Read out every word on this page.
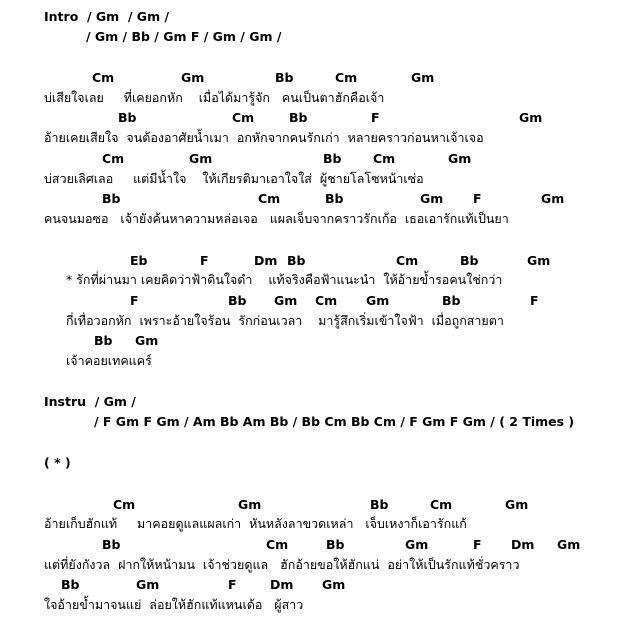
Intro  / Gm  / Gm /
/ Gm / Bb / Gm F / Gm / Gm /
Cm	Gm	Bb	Cm	Gm
บ่เสียใจเลย     ที่เคยอกหัก    เมื่อได้มารู้จัก   คนเป็นตาฮักคือเจ้า
Bb	Cm	Bb	F	Gm
อ้ายเคยเสียใจ  จนต้องอาศัยน้ำเมา  อกหักจากคนรักเก่า  หลายคราวก่อนหาเจ้าเจอ
Cm	Gm	Bb	Cm	Gm
บ่สวยเลิศเลอ     แต่มีน้ำใจ    ให้เกียรติมาเอาใจใส่  ผู้ชายโลโซหน้าเซ่อ
Bb	Cm	Bb	Gm F	Gm
คนจนมอซอ   เจ้ายังค้นหาความหล่อเจอ   แผลเจ็บจากคราวรักเก้อ  เธอเอารักแท้เป็นยา
Eb	F	Dm Bb	Cm	Bb	Gm
* รักที่ผ่านมา เคยคิดว่าฟ้าดินใจดำ    แท้จริงคือฟ้าแนะนำ  ให้อ้ายข้ำรอคนใช่กว่า
F	Bb Gm Cm Gm	Bb	F
กี่เทื่อวอกหัก  เพราะอ้ายใจร้อน  รักก่อนเวลา    มารู้สึกเริ่มเข้าใจฟ้า  เมื่อถูกสายตา
Bb Gm
เจ้าคอยเทคแคร์
Instru  / Gm /
/ F Gm F Gm / Am Bb Am Bb / Bb Cm Bb Cm / F Gm F Gm / ( 2 Times )
( * )
Cm	Gm	Bb	Cm	Gm
อ้ายเก็บฮักแท้     มาคอยดูแลแผลเก่า  หันหลังลาขวดเหล่า   เจ็บเหงาก็เอารักแก้
Bb	Cm	Bb	Gm	F Dm Gm
แต่ที่ยังกังวล  ฝากให้หน้ามน  เจ้าช่วยดูแล   ฮักอ้ายขอให้ฮักแน่  อย่าให้เป็นรักแท้ชั่วคราว
Bb	Gm	F	Dm Gm
ใจอ้ายข้ำมาจนแย่  ล่อยให้ฮักแท้แหนเด้อ   ผู้สาว
